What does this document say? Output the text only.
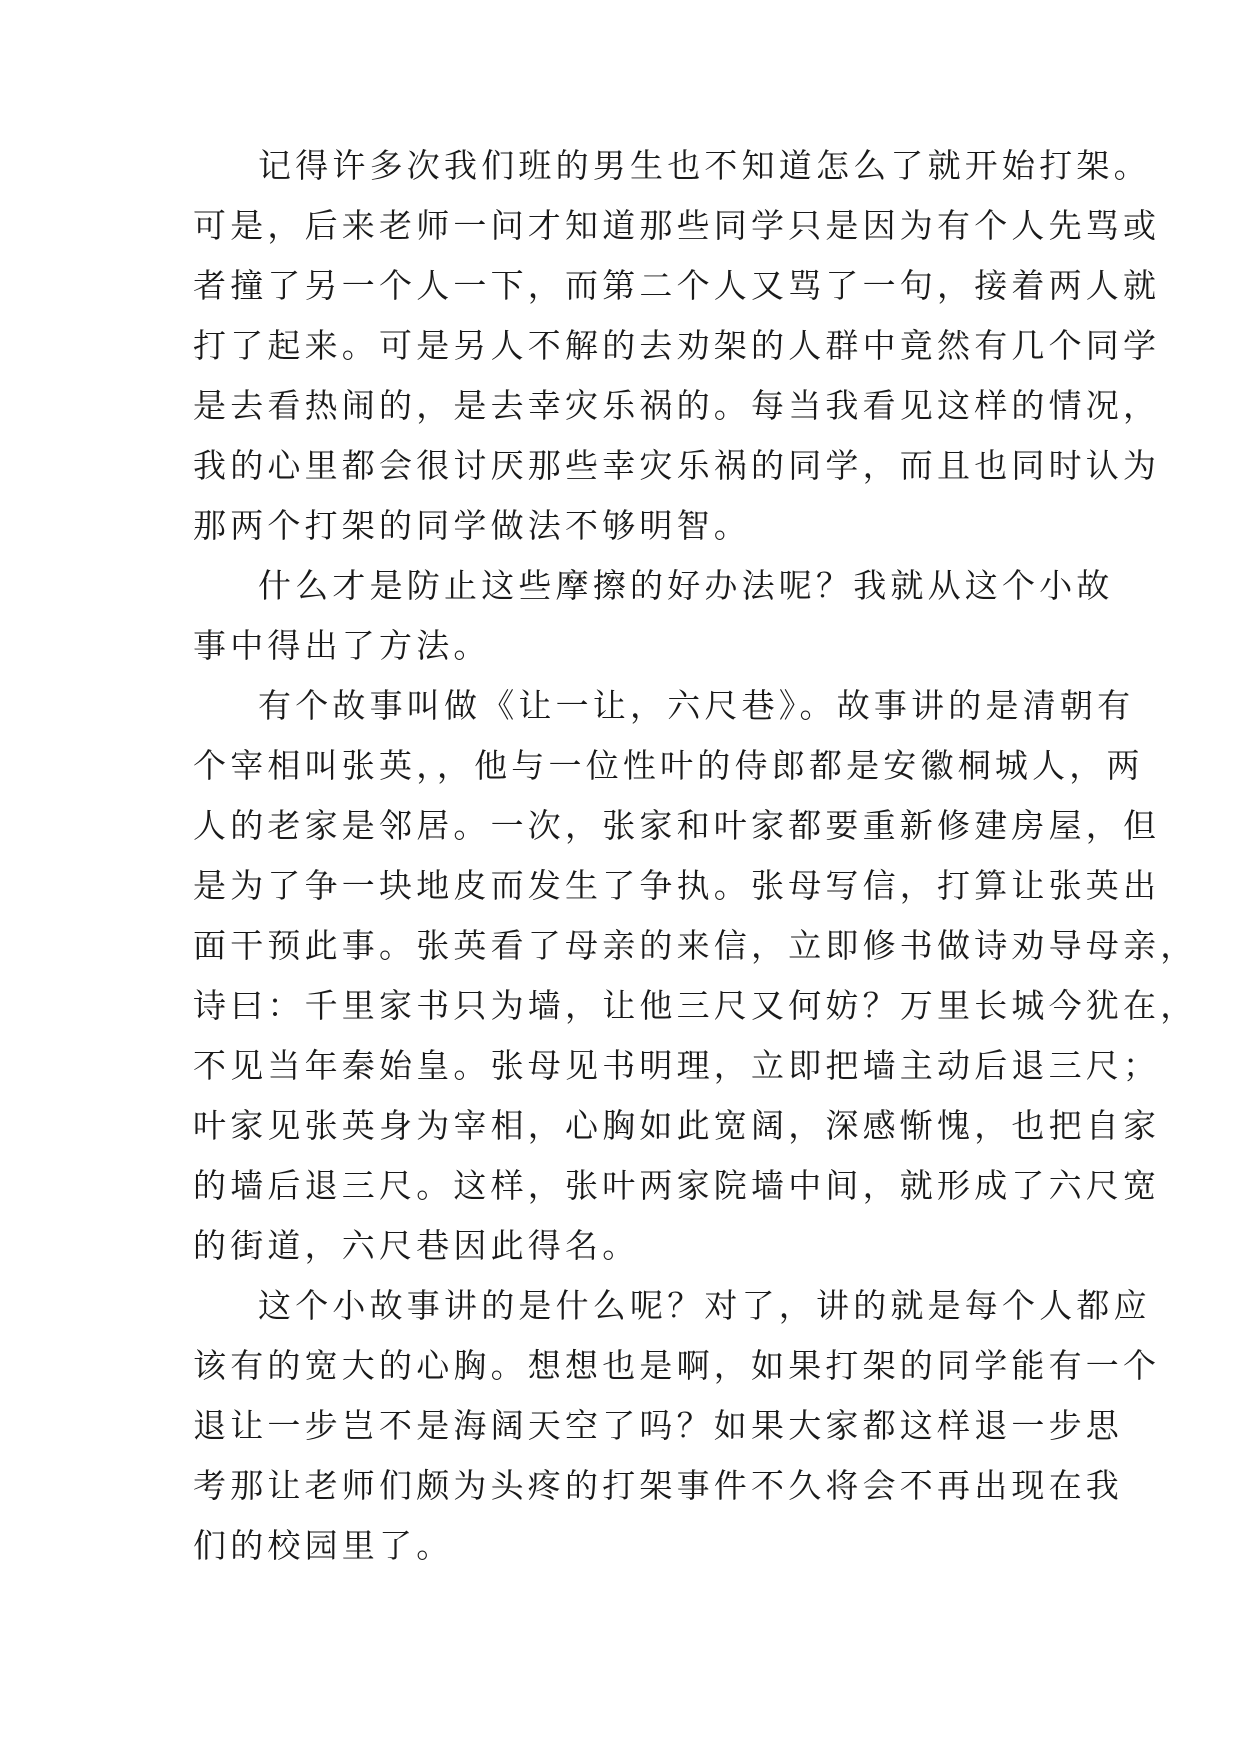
记得许多次我们班的男生也不知道怎么了就开始打架。
可是，后来老师一问才知道那些同学只是因为有个人先骂或
者撞了另一个人一下，而第二个人又骂了一句，接着两人就
打了起来。可是另人不解的去劝架的人群中竟然有几个同学
是去看热闹的，是去幸灾乐祸的。每当我看见这样的情况，
我的心里都会很讨厌那些幸灾乐祸的同学，而且也同时认为
那两个打架的同学做法不够明智。
什么才是防止这些摩擦的好办法呢？我就从这个小故
事中得出了方法。
有个故事叫做《让一让，六尺巷》。故事讲的是清朝有
个宰相叫张英，，他与一位性叶的侍郎都是安徽桐城人，两
人的老家是邻居。一次，张家和叶家都要重新修建房屋，但
是为了争一块地皮而发生了争执。张母写信，打算让张英出
面干预此事。张英看了母亲的来信，立即修书做诗劝导母亲，
诗曰：千里家书只为墙，让他三尺又何妨？万里长城今犹在，
不见当年秦始皇。张母见书明理，立即把墙主动后退三尺；
叶家见张英身为宰相，心胸如此宽阔，深感惭愧，也把自家
的墙后退三尺。这样，张叶两家院墙中间，就形成了六尺宽
的街道，六尺巷因此得名。
这个小故事讲的是什么呢？对了，讲的就是每个人都应
该有的宽大的心胸。想想也是啊，如果打架的同学能有一个
退让一步岂不是海阔天空了吗？如果大家都这样退一步思
考那让老师们颇为头疼的打架事件不久将会不再出现在我
们的校园里了。
